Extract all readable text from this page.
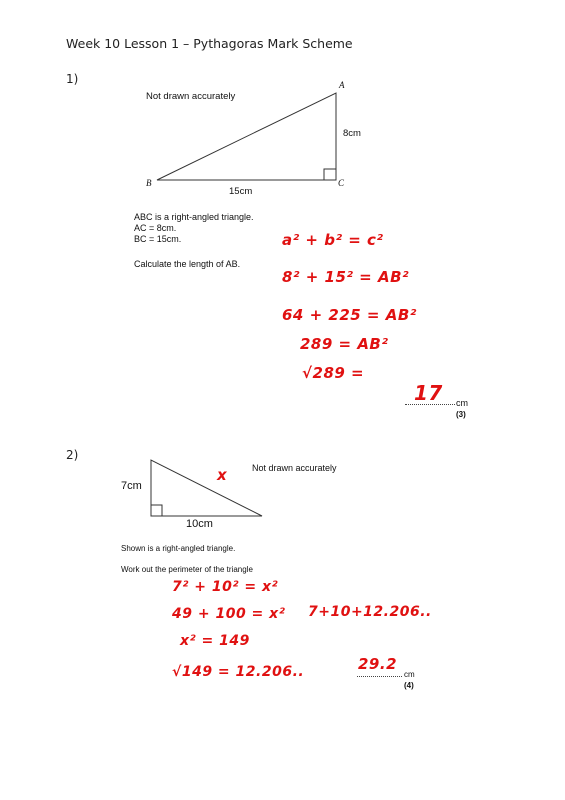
Week 10 Lesson 1 – Pythagoras Mark Scheme
1)
Not drawn accurately
A
B	C
8cm
15cm
ABC is a right-angled triangle.
AC = 8cm.
BC = 15cm.
Calculate the length of AB.
a² + b² = c²
8² + 15² = AB²
64 + 225 = AB²
289 = AB²
√289 =
17 cm
(3)
2)
7cm
10cm
x	Not drawn accurately
Shown is a right-angled triangle.
Work out the perimeter of the triangle
7² + 10² = x²
49 + 100 = x²
x² = 149
√149 = 12.206..
7+10+12.206..
29.2
cm
(4)
